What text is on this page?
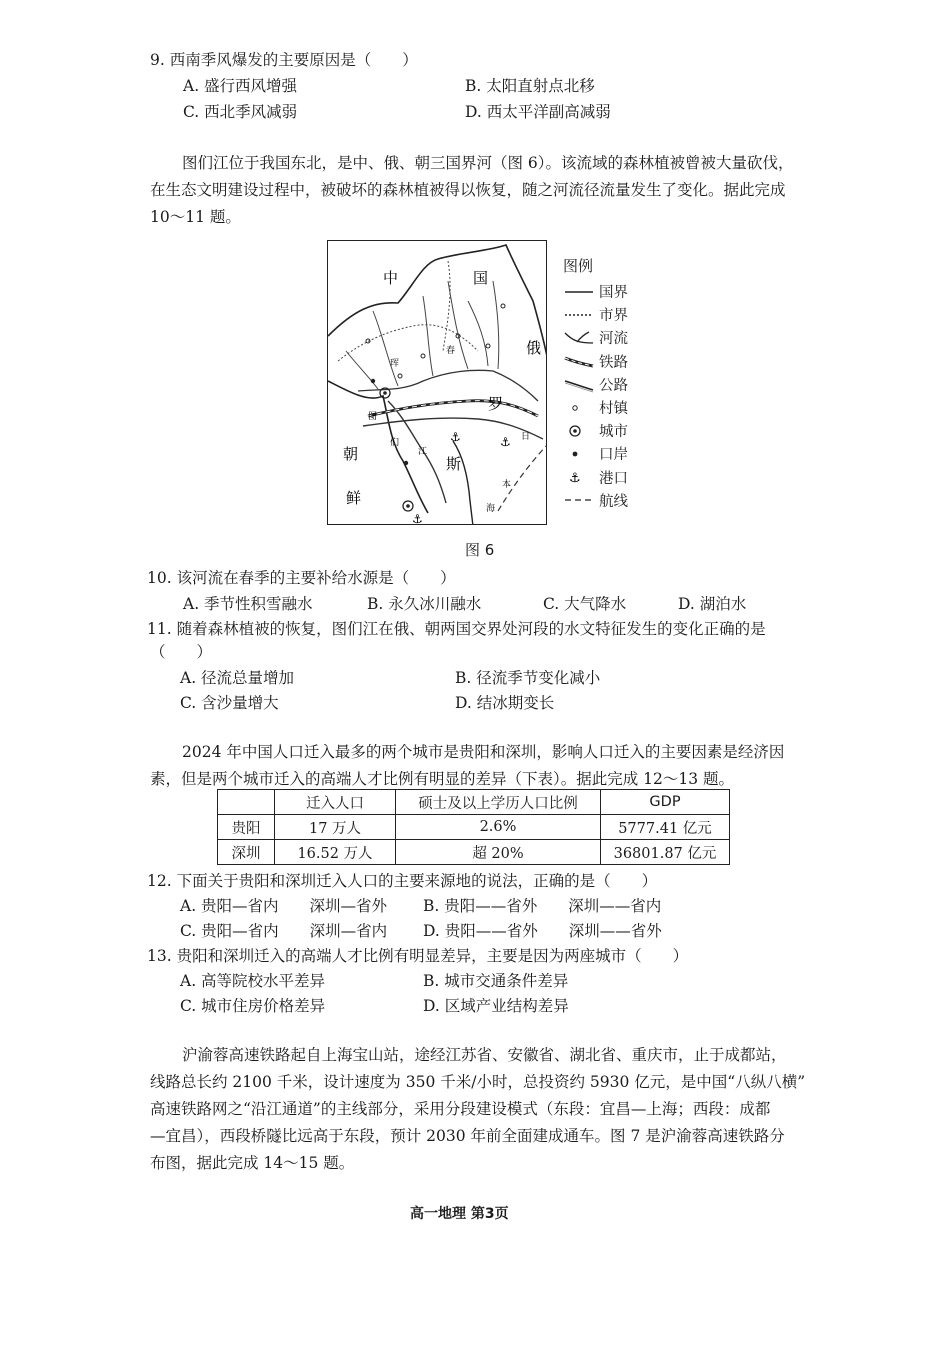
9. 西南季风爆发的主要原因是（　　）
A. 盛行西风增强	B. 太阳直射点北移
C. 西北季风减弱	D. 西太平洋副高减弱
图们江位于我国东北，是中、俄、朝三国界河（图 6）。该流域的森林植被曾被大量砍伐，
在生态文明建设过程中，被破坏的森林植被得以恢复，随之河流径流量发生了变化。据此完成
10～11 题。
⚓	⚓
⚓
中	国
俄
罗
斯
朝
鲜
珲
春
图
们
江
日
本
海
图例
国界
市界
河流
铁路
公路
村镇
城市
口岸
⚓ 港口
航线
图 6
10. 该河流在春季的主要补给水源是（　　）
A. 季节性积雪融水	B. 永久冰川融水	C. 大气降水	D. 湖泊水
11. 随着森林植被的恢复，图们江在俄、朝两国交界处河段的水文特征发生的变化正确的是
（　　）
A. 径流总量增加	B. 径流季节变化减小
C. 含沙量增大	D. 结冰期变长
2024 年中国人口迁入最多的两个城市是贵阳和深圳，影响人口迁入的主要因素是经济因
素，但是两个城市迁入的高端人才比例有明显的差异（下表）。据此完成 12～13 题。
	迁入人口	硕士及以上学历人口比例	GDP
贵阳	17 万人	2.6%	5777.41 亿元
深圳	16.52 万人	超 20%	36801.87 亿元
12. 下面关于贵阳和深圳迁入人口的主要来源地的说法，正确的是（　　）
A. 贵阳—省内　　深圳—省外 B. 贵阳——省外　　深圳——省内
C. 贵阳—省内　　深圳—省内 D. 贵阳——省外　　深圳——省外
13. 贵阳和深圳迁入的高端人才比例有明显差异，主要是因为两座城市（　　）
A. 高等院校水平差异	B. 城市交通条件差异
C. 城市住房价格差异	D. 区域产业结构差异
沪渝蓉高速铁路起自上海宝山站，途经江苏省、安徽省、湖北省、重庆市，止于成都站，
线路总长约 2100 千米，设计速度为 350 千米/小时，总投资约 5930 亿元，是中国“八纵八横”
高速铁路网之“沿江通道”的主线部分，采用分段建设模式（东段：宜昌—上海；西段：成都
—宜昌），西段桥隧比远高于东段，预计 2030 年前全面建成通车。图 7 是沪渝蓉高速铁路分
布图，据此完成 14～15 题。
高一地理 第3页
